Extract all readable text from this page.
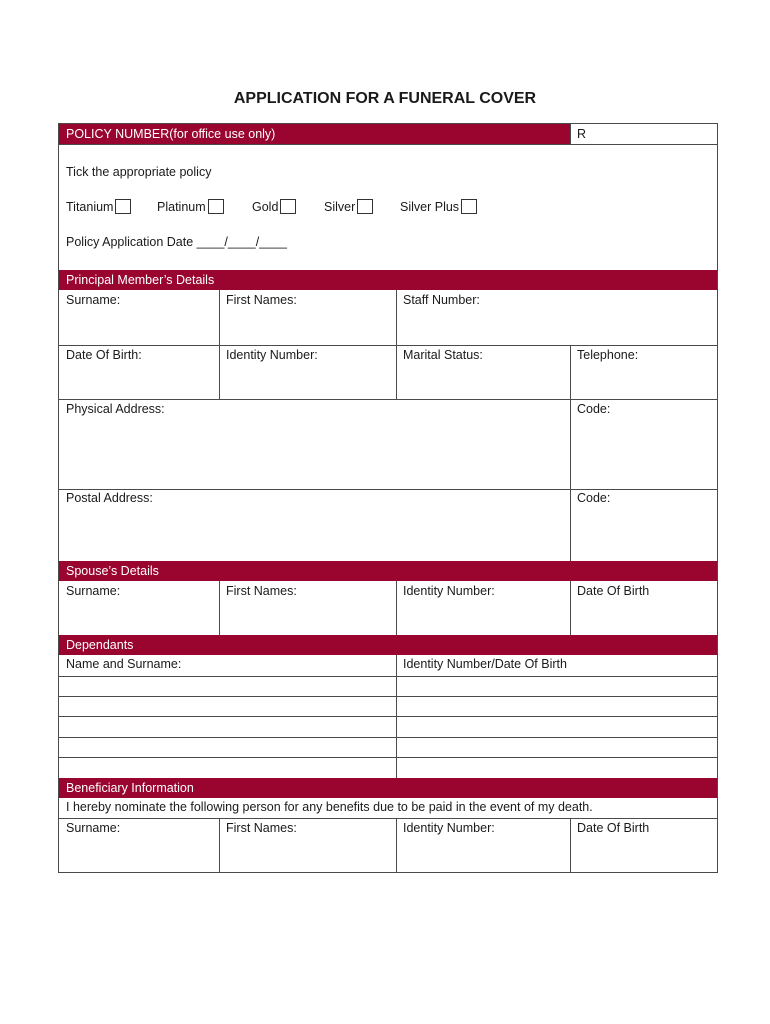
APPLICATION FOR A FUNERAL COVER
POLICY NUMBER(for office use only)	R
Tick the appropriate policy
Titanium	Platinum	Gold	Silver	Silver Plus
Policy Application Date ____/____/____
Principal Member’s Details
Surname:	First Names:	Staff Number:
Date Of Birth:	Identity Number:	Marital Status:	Telephone:
Physical Address:	Code:
Postal Address:	Code:
Spouse’s Details
Surname:	First Names:	Identity Number:	Date Of Birth
Dependants
Name and Surname:	Identity Number/Date Of Birth
Beneficiary Information
I hereby nominate the following person for any benefits due to be paid in the event of my death.
Surname:	First Names:	Identity Number:	Date Of Birth
